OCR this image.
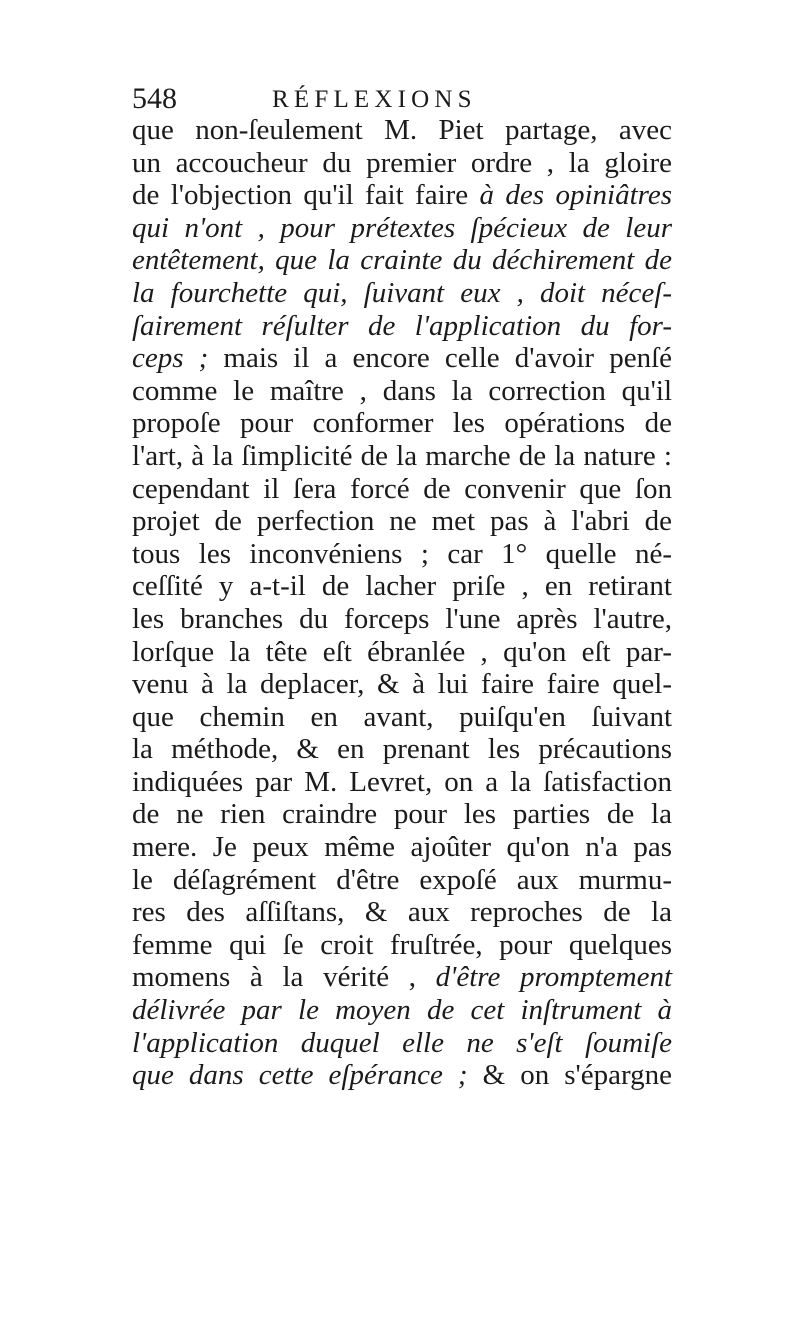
548	RÉFLEXIONS
que non-ſeulement M. Piet partage, avec
un accoucheur du premier ordre , la gloire
de l'objection qu'il fait faire à des opiniâtres
qui n'ont , pour prétextes ſpécieux de leur
entêtement, que la crainte du déchirement de
la fourchette qui, ſuivant eux , doit néceſ-
ſairement réſulter de l'application du for-
ceps ; mais il a encore celle d'avoir penſé
comme le maître , dans la correction qu'il
propoſe pour conformer les opérations de
l'art, à la ſimplicité de la marche de la nature :
cependant il ſera forcé de convenir que ſon
projet de perfection ne met pas à l'abri de
tous les inconvéniens ; car 1° quelle né-
ceſſité y a-t-il de lacher priſe , en retirant
les branches du forceps l'une après l'autre,
lorſque la tête eſt ébranlée , qu'on eſt par-
venu à la deplacer, & à lui faire faire quel-
que chemin en avant, puiſqu'en ſuivant
la méthode, & en prenant les précautions
indiquées par M. Levret, on a la ſatisfaction
de ne rien craindre pour les parties de la
mere. Je peux même ajoûter qu'on n'a pas
le déſagrément d'être expoſé aux murmu-
res des aſſiſtans, & aux reproches de la
femme qui ſe croit fruſtrée, pour quelques
momens à la vérité , d'être promptement
délivrée par le moyen de cet inſtrument à
l'application duquel elle ne s'eſt ſoumiſe
que dans cette eſpérance ; & on s'épargne
